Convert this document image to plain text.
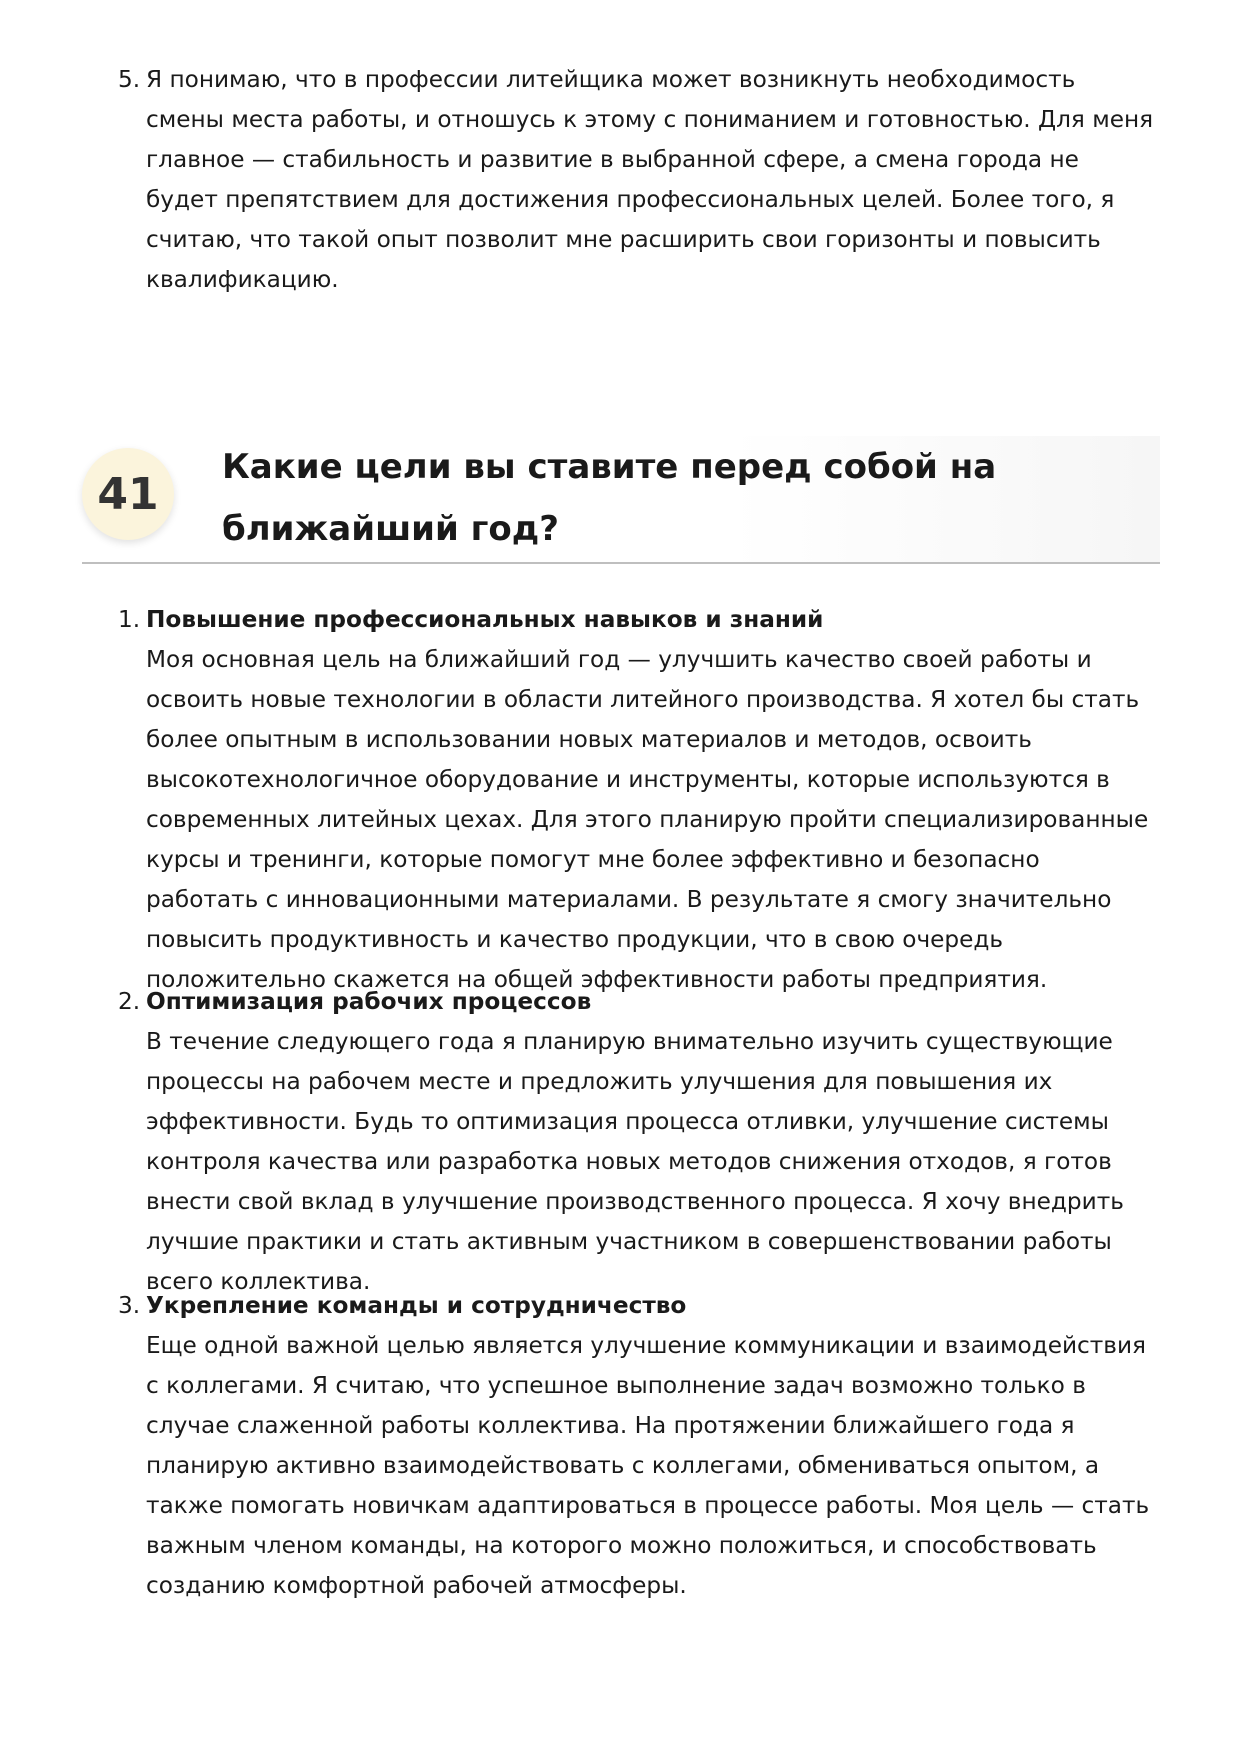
5. Я понимаю, что в профессии литейщика может возникнуть необходимость смены места работы, и отношусь к этому с пониманием и готовностью. Для меня главное — стабильность и развитие в выбранной сфере, а смена города не будет препятствием для достижения профессиональных целей. Более того, я считаю, что такой опыт позволит мне расширить свои горизонты и повысить квалификацию.
41
Какие цели вы ставите перед собой на ближайший год?
1. Повышение профессиональных навыков и знаний
Моя основная цель на ближайший год — улучшить качество своей работы и освоить новые технологии в области литейного производства. Я хотел бы стать более опытным в использовании новых материалов и методов, освоить высокотехнологичное оборудование и инструменты, которые используются в современных литейных цехах. Для этого планирую пройти специализированные курсы и тренинги, которые помогут мне более эффективно и безопасно работать с инновационными материалами. В результате я смогу значительно повысить продуктивность и качество продукции, что в свою очередь положительно скажется на общей эффективности работы предприятия.
2. Оптимизация рабочих процессов
В течение следующего года я планирую внимательно изучить существующие процессы на рабочем месте и предложить улучшения для повышения их эффективности. Будь то оптимизация процесса отливки, улучшение системы контроля качества или разработка новых методов снижения отходов, я готов внести свой вклад в улучшение производственного процесса. Я хочу внедрить лучшие практики и стать активным участником в совершенствовании работы всего коллектива.
3. Укрепление команды и сотрудничество
Еще одной важной целью является улучшение коммуникации и взаимодействия с коллегами. Я считаю, что успешное выполнение задач возможно только в случае слаженной работы коллектива. На протяжении ближайшего года я планирую активно взаимодействовать с коллегами, обмениваться опытом, а также помогать новичкам адаптироваться в процессе работы. Моя цель — стать важным членом команды, на которого можно положиться, и способствовать созданию комфортной рабочей атмосферы.
